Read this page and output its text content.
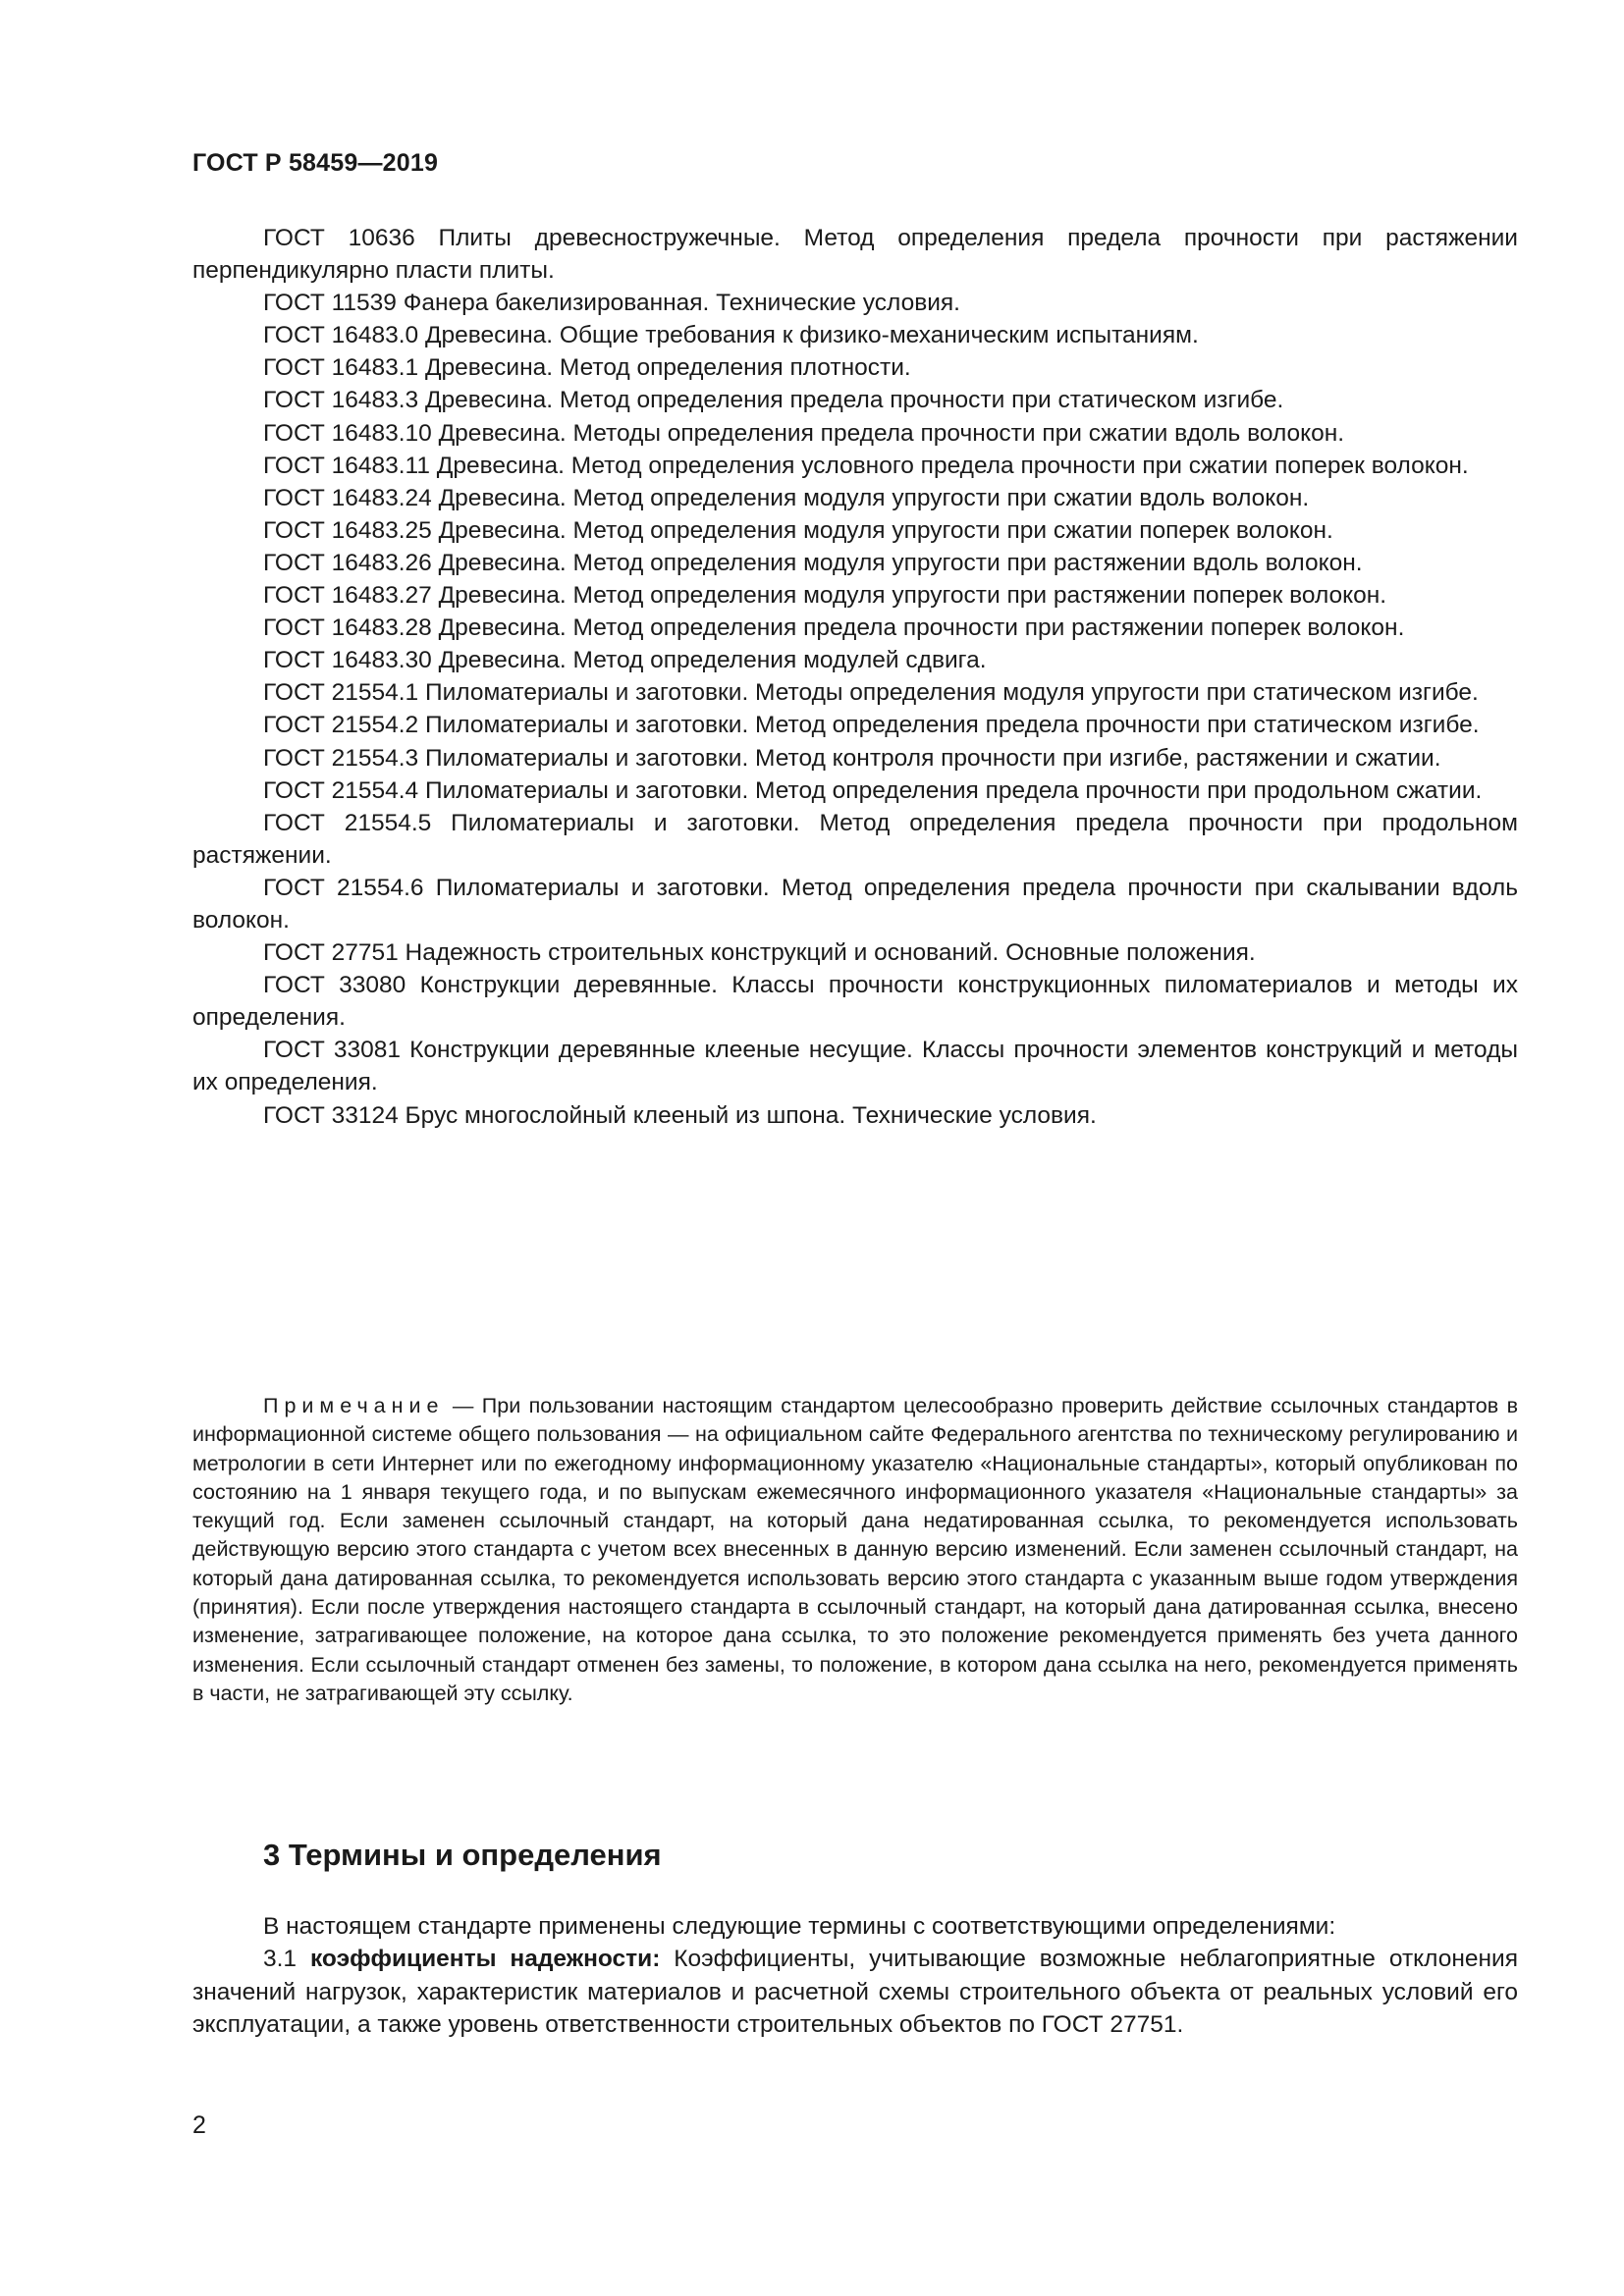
ГОСТ Р 58459—2019

ГОСТ 10636 Плиты древесностружечные. Метод определения предела прочности при растяжении перпендикулярно пласти плиты.

ГОСТ 11539 Фанера бакелизированная. Технические условия.

ГОСТ 16483.0 Древесина. Общие требования к физико-механическим испытаниям.

ГОСТ 16483.1 Древесина. Метод определения плотности.

ГОСТ 16483.3 Древесина. Метод определения предела прочности при статическом изгибе.

ГОСТ 16483.10 Древесина. Методы определения предела прочности при сжатии вдоль волокон.

ГОСТ 16483.11 Древесина. Метод определения условного предела прочности при сжатии поперек волокон.

ГОСТ 16483.24 Древесина. Метод определения модуля упругости при сжатии вдоль волокон.

ГОСТ 16483.25 Древесина. Метод определения модуля упругости при сжатии поперек волокон.

ГОСТ 16483.26 Древесина. Метод определения модуля упругости при растяжении вдоль волокон.

ГОСТ 16483.27 Древесина. Метод определения модуля упругости при растяжении поперек волокон.

ГОСТ 16483.28 Древесина. Метод определения предела прочности при растяжении поперек волокон.

ГОСТ 16483.30 Древесина. Метод определения модулей сдвига.

ГОСТ 21554.1 Пиломатериалы и заготовки. Методы определения модуля упругости при статическом изгибе.

ГОСТ 21554.2 Пиломатериалы и заготовки. Метод определения предела прочности при статическом изгибе.

ГОСТ 21554.3 Пиломатериалы и заготовки. Метод контроля прочности при изгибе, растяжении и сжатии.

ГОСТ 21554.4 Пиломатериалы и заготовки. Метод определения предела прочности при продольном сжатии.

ГОСТ 21554.5 Пиломатериалы и заготовки. Метод определения предела прочности при продольном растяжении.

ГОСТ 21554.6 Пиломатериалы и заготовки. Метод определения предела прочности при скалывании вдоль волокон.

ГОСТ 27751 Надежность строительных конструкций и оснований. Основные положения.

ГОСТ 33080 Конструкции деревянные. Классы прочности конструкционных пиломатериалов и методы их определения.

ГОСТ 33081 Конструкции деревянные клееные несущие. Классы прочности элементов конструкций и методы их определения.

ГОСТ 33124 Брус многослойный клееный из шпона. Технические условия.

Примечание — При пользовании настоящим стандартом целесообразно проверить действие ссылочных стандартов в информационной системе общего пользования — на официальном сайте Федерального агентства по техническому регулированию и метрологии в сети Интернет или по ежегодному информационному указателю «Национальные стандарты», который опубликован по состоянию на 1 января текущего года, и по выпускам ежемесячного информационного указателя «Национальные стандарты» за текущий год. Если заменен ссылочный стандарт, на который дана недатированная ссылка, то рекомендуется использовать действующую версию этого стандарта с учетом всех внесенных в данную версию изменений. Если заменен ссылочный стандарт, на который дана датированная ссылка, то рекомендуется использовать версию этого стандарта с указанным выше годом утверждения (принятия). Если после утверждения настоящего стандарта в ссылочный стандарт, на который дана датированная ссылка, внесено изменение, затрагивающее положение, на которое дана ссылка, то это положение рекомендуется применять без учета данного изменения. Если ссылочный стандарт отменен без замены, то положение, в котором дана ссылка на него, рекомендуется применять в части, не затрагивающей эту ссылку.

3 Термины и определения

В настоящем стандарте применены следующие термины с соответствующими определениями:

3.1 коэффициенты надежности: Коэффициенты, учитывающие возможные неблагоприятные отклонения значений нагрузок, характеристик материалов и расчетной схемы строительного объекта от реальных условий его эксплуатации, а также уровень ответственности строительных объектов по ГОСТ 27751.

2
